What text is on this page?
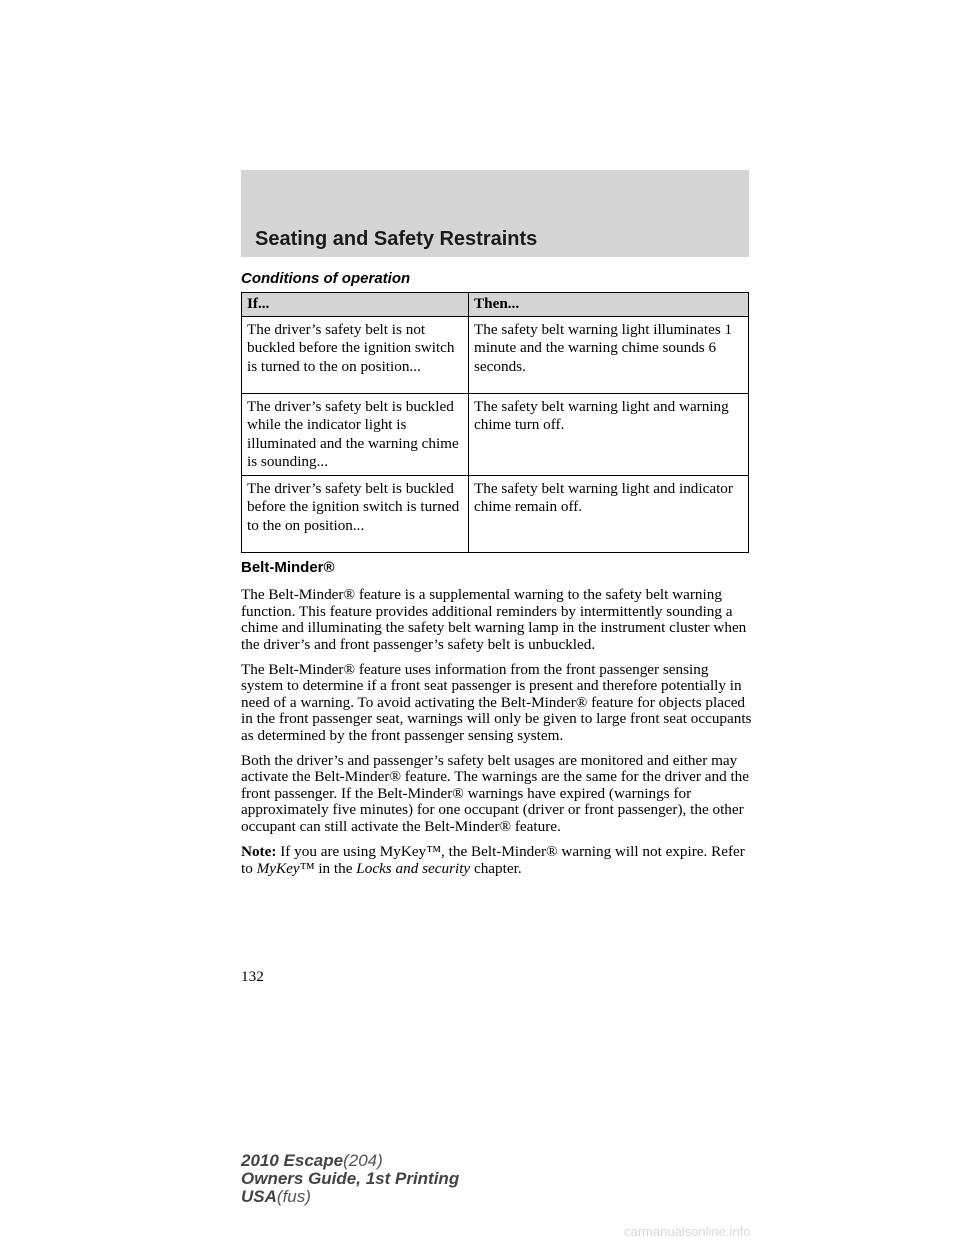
Seating and Safety Restraints
Conditions of operation
If...	Then...
The driver’s safety belt is not buckled before the ignition switch is turned to the on position...	The safety belt warning light illuminates 1 minute and the warning chime sounds 6 seconds.
The driver’s safety belt is buckled while the indicator light is illuminated and the warning chime is sounding...	The safety belt warning light and warning chime turn off.
The driver’s safety belt is buckled before the ignition switch is turned to the on position...	The safety belt warning light and indicator chime remain off.
Belt-Minder®

The Belt-Minder® feature is a supplemental warning to the safety belt warning function. This feature provides additional reminders by intermittently sounding a chime and illuminating the safety belt warning lamp in the instrument cluster when the driver’s and front passenger’s safety belt is unbuckled.

The Belt-Minder® feature uses information from the front passenger sensing system to determine if a front seat passenger is present and therefore potentially in need of a warning. To avoid activating the Belt-Minder® feature for objects placed in the front passenger seat, warnings will only be given to large front seat occupants as determined by the front passenger sensing system.

Both the driver’s and passenger’s safety belt usages are monitored and either may activate the Belt-Minder® feature. The warnings are the same for the driver and the front passenger. If the Belt-Minder® warnings have expired (warnings for approximately five minutes) for one occupant (driver or front passenger), the other occupant can still activate the Belt-Minder® feature.

Note: If you are using MyKey™, the Belt-Minder® warning will not expire. Refer to MyKey™ in the Locks and security chapter.

132
2010 Escape(204)
Owners Guide, 1st Printing
USA(fus)
carmanualsonline.info
